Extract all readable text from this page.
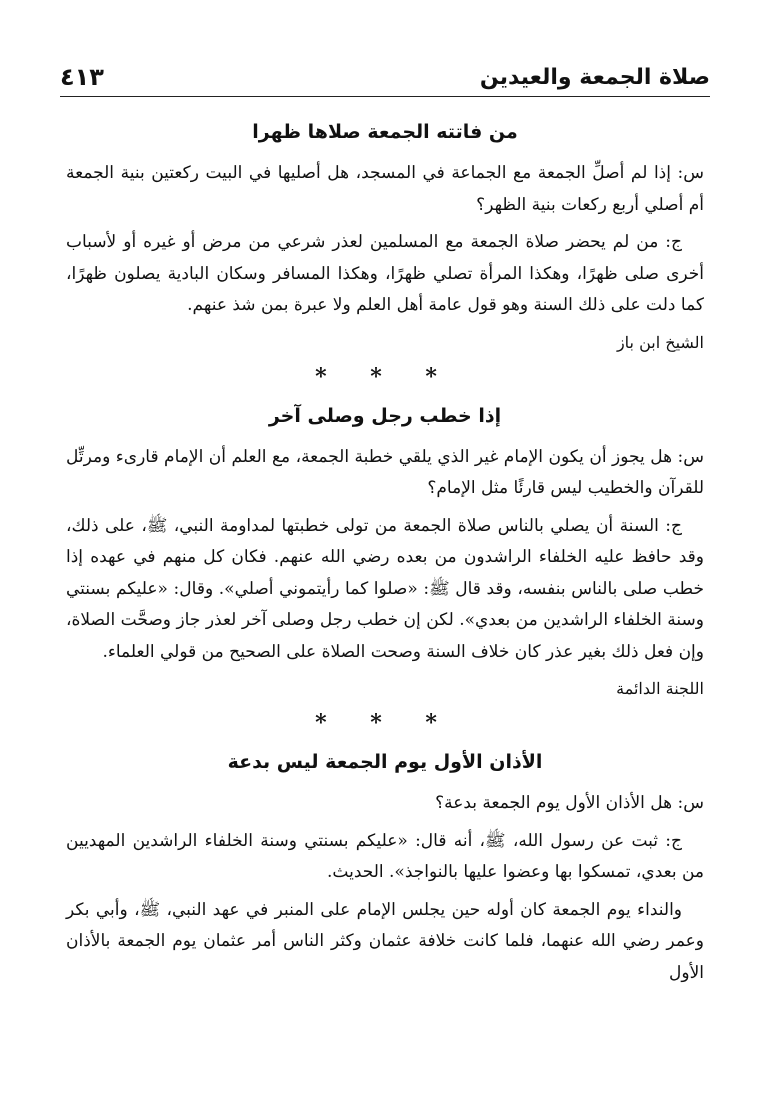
صلاة الجمعة والعيدين
٤١٣
من فاتته الجمعة صلاها ظهرا

س: إذا لم أصلِّ الجمعة مع الجماعة في المسجد، هل أصليها في البيت ركعتين بنية الجمعة أم أصلي أربع ركعات بنية الظهر؟

ج: من لم يحضر صلاة الجمعة مع المسلمين لعذر شرعي من مرض أو غيره أو لأسباب أخرى صلى ظهرًا، وهكذا المرأة تصلي ظهرًا، وهكذا المسافر وسكان البادية يصلون ظهرًا، كما دلت على ذلك السنة وهو قول عامة أهل العلم ولا عبرة بمن شذ عنهم.

الشيخ ابن باز
* * *
إذا خطب رجل وصلى آخر

س: هل يجوز أن يكون الإمام غير الذي يلقي خطبة الجمعة، مع العلم أن الإمام قارىء ومرتِّل للقرآن والخطيب ليس قارئًا مثل الإمام؟

ج: السنة أن يصلي بالناس صلاة الجمعة من تولى خطبتها لمداومة النبي، ﷺ، على ذلك، وقد حافظ عليه الخلفاء الراشدون من بعده رضي الله عنهم. فكان كل منهم في عهده إذا خطب صلى بالناس بنفسه، وقد قال ﷺ: «صلوا كما رأيتموني أصلي». وقال: «عليكم بسنتي وسنة الخلفاء الراشدين من بعدي». لكن إن خطب رجل وصلى آخر لعذر جاز وصحَّت الصلاة، وإن فعل ذلك بغير عذر كان خلاف السنة وصحت الصلاة على الصحيح من قولي العلماء.

اللجنة الدائمة
* * *
الأذان الأول يوم الجمعة ليس بدعة

س: هل الأذان الأول يوم الجمعة بدعة؟

ج: ثبت عن رسول الله، ﷺ، أنه قال: «عليكم بسنتي وسنة الخلفاء الراشدين المهديين من بعدي، تمسكوا بها وعضوا عليها بالنواجذ». الحديث.

والنداء يوم الجمعة كان أوله حين يجلس الإمام على المنبر في عهد النبي، ﷺ، وأبي بكر وعمر رضي الله عنهما، فلما كانت خلافة عثمان وكثر الناس أمر عثمان يوم الجمعة بالأذان الأول
